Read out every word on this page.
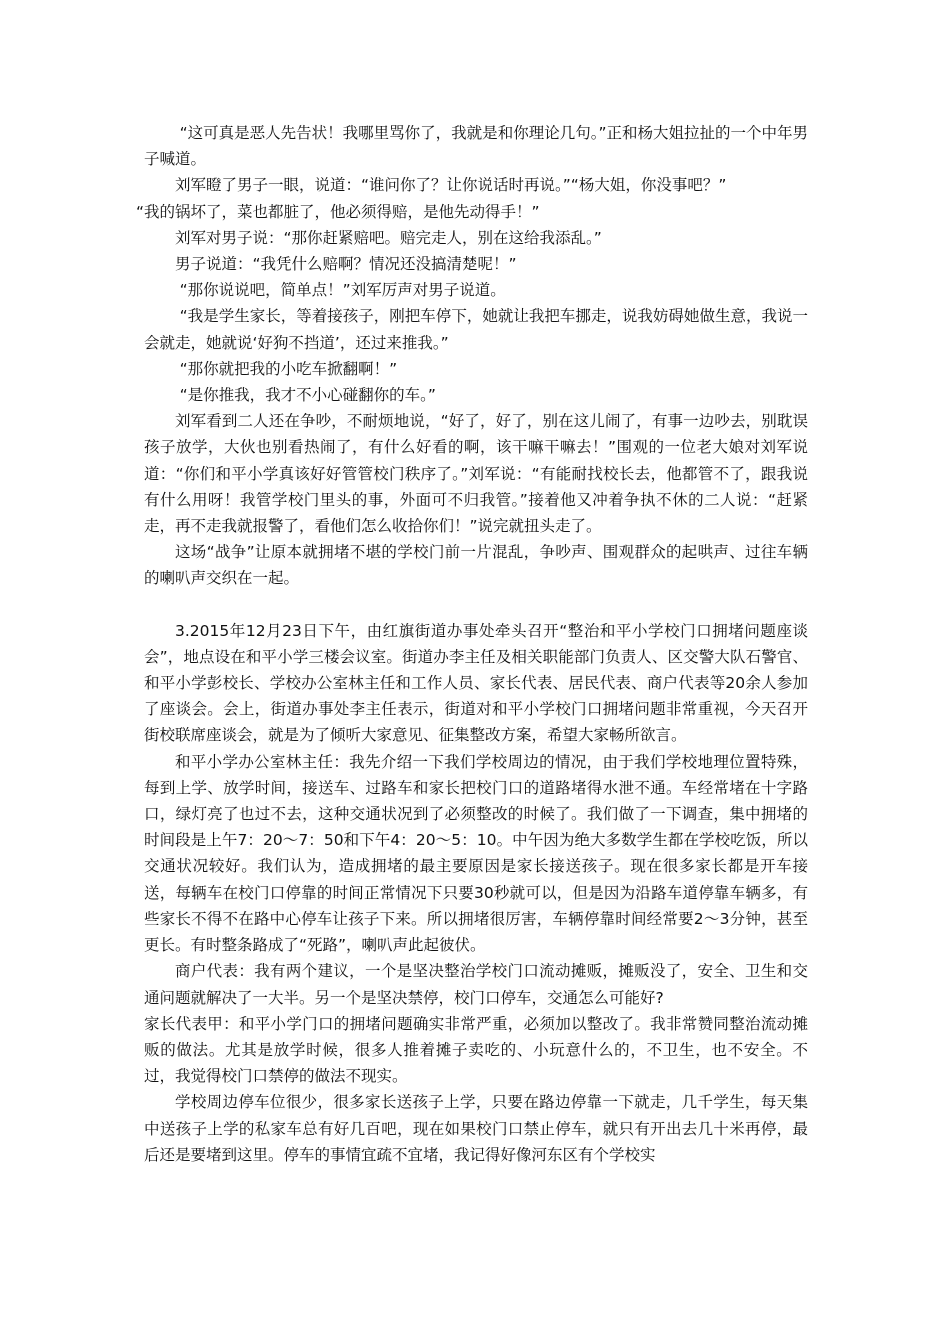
“这可真是恶人先告状！我哪里骂你了，我就是和你理论几句。”正和杨大姐拉扯的一个中年男子喊道。

刘军瞪了男子一眼，说道：“谁问你了？让你说话时再说。”“杨大姐，你没事吧？”

“我的锅坏了，菜也都脏了，他必须得赔，是他先动得手！”

刘军对男子说：“那你赶紧赔吧。赔完走人，别在这给我添乱。”

男子说道：“我凭什么赔啊？情况还没搞清楚呢！”

“那你说说吧，简单点！”刘军厉声对男子说道。

“我是学生家长，等着接孩子，刚把车停下，她就让我把车挪走，说我妨碍她做生意，我说一会就走，她就说‘好狗不挡道’，还过来推我。”

“那你就把我的小吃车掀翻啊！”

“是你推我，我才不小心碰翻你的车。”

刘军看到二人还在争吵，不耐烦地说，“好了，好了，别在这儿闹了，有事一边吵去，别耽误孩子放学，大伙也别看热闹了，有什么好看的啊，该干嘛干嘛去！”围观的一位老大娘对刘军说道：“你们和平小学真该好好管管校门秩序了。”刘军说：“有能耐找校长去，他都管不了，跟我说有什么用呀！我管学校门里头的事，外面可不归我管。”接着他又冲着争执不休的二人说：“赶紧走，再不走我就报警了，看他们怎么收拾你们！”说完就扭头走了。

这场“战争”让原本就拥堵不堪的学校门前一片混乱，争吵声、围观群众的起哄声、过往车辆的喇叭声交织在一起。

3.2015年12月23日下午，由红旗街道办事处牵头召开“整治和平小学校门口拥堵问题座谈会”，地点设在和平小学三楼会议室。街道办李主任及相关职能部门负责人、区交警大队石警官、和平小学彭校长、学校办公室林主任和工作人员、家长代表、居民代表、商户代表等20余人参加了座谈会。会上，街道办事处李主任表示，街道对和平小学校门口拥堵问题非常重视，今天召开街校联席座谈会，就是为了倾听大家意见、征集整改方案，希望大家畅所欲言。

和平小学办公室林主任：我先介绍一下我们学校周边的情况，由于我们学校地理位置特殊，每到上学、放学时间，接送车、过路车和家长把校门口的道路堵得水泄不通。车经常堵在十字路口，绿灯亮了也过不去，这种交通状况到了必须整改的时候了。我们做了一下调查，集中拥堵的时间段是上午7：20～7：50和下午4：20～5：10。中午因为绝大多数学生都在学校吃饭，所以交通状况较好。我们认为，造成拥堵的最主要原因是家长接送孩子。现在很多家长都是开车接送，每辆车在校门口停靠的时间正常情况下只要30秒就可以，但是因为沿路车道停靠车辆多，有些家长不得不在路中心停车让孩子下来。所以拥堵很厉害，车辆停靠时间经常要2～3分钟，甚至更长。有时整条路成了“死路”，喇叭声此起彼伏。

商户代表：我有两个建议，一个是坚决整治学校门口流动摊贩，摊贩没了，安全、卫生和交通问题就解决了一大半。另一个是坚决禁停，校门口停车，交通怎么可能好?

家长代表甲：和平小学门口的拥堵问题确实非常严重，必须加以整改了。我非常赞同整治流动摊贩的做法。尤其是放学时候，很多人推着摊子卖吃的、小玩意什么的，不卫生，也不安全。不过，我觉得校门口禁停的做法不现实。

学校周边停车位很少，很多家长送孩子上学，只要在路边停靠一下就走，几千学生，每天集中送孩子上学的私家车总有好几百吧，现在如果校门口禁止停车，就只有开出去几十米再停，最后还是要堵到这里。停车的事情宜疏不宜堵，我记得好像河东区有个学校实
